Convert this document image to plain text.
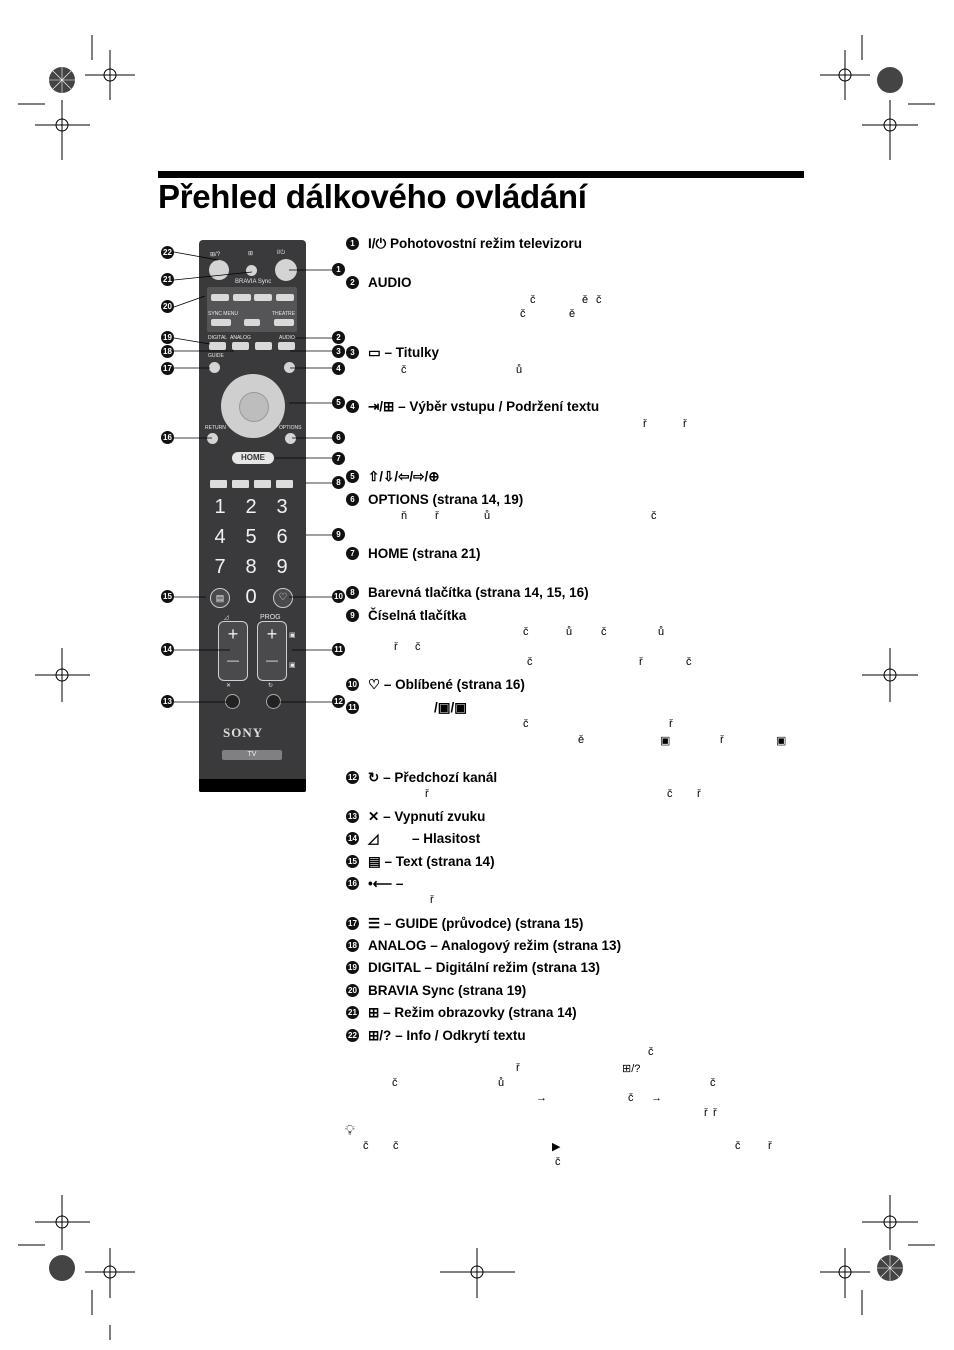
Přehled dálkového ovládání
⊞/?	⊞	I/⏻
BRAVIA Sync
SYNC MENU	THEATRE
DIGITAL ANALOG	AUDIO
GUIDE
RETURN	OPTIONS
HOME
1 2 3
4 5 6
7 8 9
▤	0	♡
◿	PROG
+
—
+
—
▣
▣
✕	↻
SONY
TV
22
21
20
19
18
17
16
15
14
13
1
2
3
4
5
6
7
8
9
10
11
12
1 I/⏻ Pohotovostní režim televizoru
2 AUDIO
č	ě č
č	ě
3 ▭ – Titulky
č	ů
4 ⇥/⊞ – Výběr vstupu / Podržení textu
ř	ř
5 ⇧/⇩/⇦/⇨/⊕
6 OPTIONS (strana 14, 19)
ň	ř	ů	č
7 HOME (strana 21)
8 Barevná tlačítka (strana 14, 15, 16)
9 Číselná tlačítka
č	ů	č	ů
ř č
č	ř	č
10 ♡ – Oblíbené (strana 16)
11	/▣/▣
č	ř
ě	▣	ř	▣
12 ↻ – Předchozí kanál
ř	č ř
13 ✕ – Vypnutí zvuku
14 ◿ – Hlasitost
15 ▤ – Text (strana 14)
16 •⟵ –
ř
17 ☰ – GUIDE (průvodce) (strana 15)
18 ANALOG – Analogový režim (strana 13)
19 DIGITAL – Digitální režim (strana 13)
20 BRAVIA Sync (strana 19)
21 ⊞ – Režim obrazovky (strana 14)
22 ⊞/? – Info / Odkrytí textu
č
ř	⊞/?
č	ů	č
→	č →
ř ř
💡︎
č č	▶	č	ř
č
